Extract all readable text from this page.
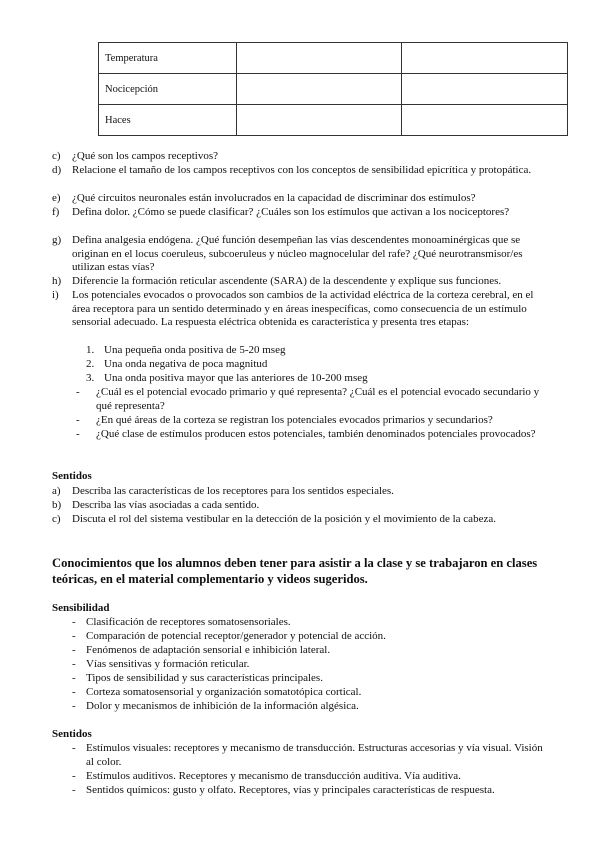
Temperatura		
Nocicepción		
Haces		
c)	¿Qué son los campos receptivos?
d) Relacione el tamaño de los campos receptivos con los conceptos de sensibilidad epicrítica y protopática.
e)	¿Qué circuitos neuronales están involucrados en la capacidad de discriminar dos estímulos?
f)	Defina dolor. ¿Cómo se puede clasificar? ¿Cuáles son los estímulos que activan a los nociceptores?
g) Defina analgesia endógena. ¿Qué función desempeñan las vías descendentes monoaminérgicas que se originan en el locus coeruleus, subcoeruleus y núcleo magnocelular del rafe? ¿Qué neurotransmisor/es utilizan estas vías?
h) Diferencie la formación reticular ascendente (SARA) de la descendente y explique sus funciones.
i)	Los potenciales evocados o provocados son cambios de la actividad eléctrica de la corteza cerebral, en el área receptora para un sentido determinado y en áreas inespecíficas, como consecuencia de un estímulo sensorial adecuado. La respuesta eléctrica obtenida es característica y presenta tres etapas:
1. Una pequeña onda positiva de 5-20 mseg
2. Una onda negativa de poca magnitud
3. Una onda positiva mayor que las anteriores de 10-200 mseg
- ¿Cuál es el potencial evocado primario y qué representa? ¿Cuál es el potencial evocado secundario y qué representa?
- ¿En qué áreas de la corteza se registran los potenciales evocados primarios y secundarios?
- ¿Qué clase de estímulos producen estos potenciales, también denominados potenciales provocados?
Sentidos
a)	Describa las características de los receptores para los sentidos especiales.
b) Describa las vías asociadas a cada sentido.
c)	Discuta el rol del sistema vestibular en la detección de la posición y el movimiento de la cabeza.
Conocimientos que los alumnos deben tener para asistir a la clase y se trabajaron en clases teóricas, en el material complementario y videos sugeridos.
Sensibilidad
- Clasificación de receptores somatosensoriales.
- Comparación de potencial receptor/generador y potencial de acción.
- Fenómenos de adaptación sensorial e inhibición lateral.
- Vías sensitivas y formación reticular.
- Tipos de sensibilidad y sus características principales.
- Corteza somatosensorial y organización somatotópica cortical.
- Dolor y mecanismos de inhibición de la información algésica.
Sentidos
- Estímulos visuales: receptores y mecanismo de transducción. Estructuras accesorias y vía visual. Visión al color.
- Estímulos auditivos. Receptores y mecanismo de transducción auditiva. Vía auditiva.
- Sentidos químicos: gusto y olfato. Receptores, vías y principales características de respuesta.
